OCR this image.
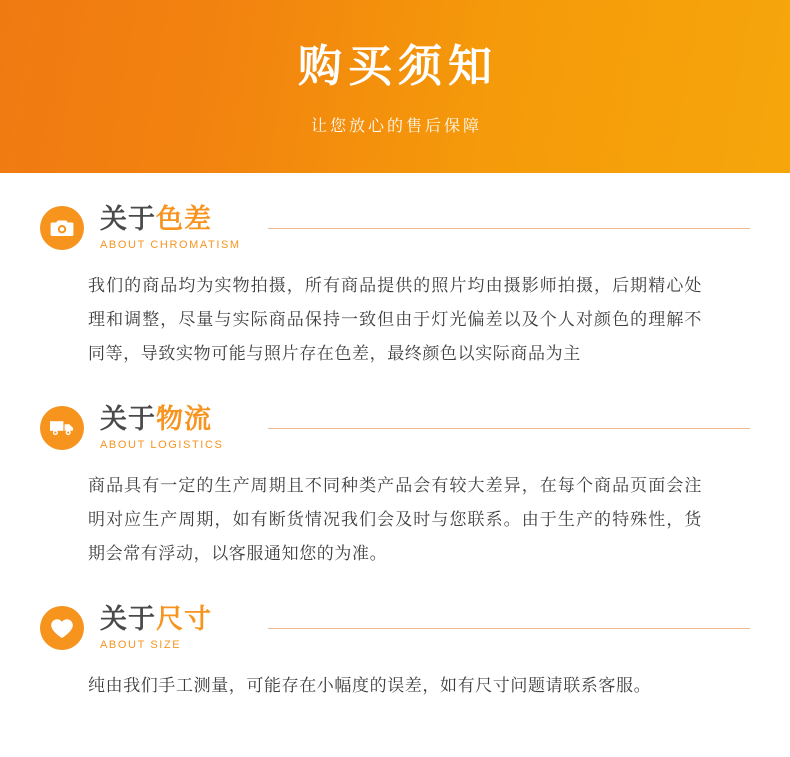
购买须知
让您放心的售后保障
关于色差
ABOUT CHROMATISM
我们的商品均为实物拍摄，所有商品提供的照片均由摄影师拍摄，后期精心处理和调整，尽量与实际商品保持一致但由于灯光偏差以及个人对颜色的理解不同等，导致实物可能与照片存在色差，最终颜色以实际商品为主
关于物流
ABOUT LOGISTICS
商品具有一定的生产周期且不同种类产品会有较大差异，在每个商品页面会注明对应生产周期，如有断货情况我们会及时与您联系。由于生产的特殊性，货期会常有浮动，以客服通知您的为准。
关于尺寸
ABOUT SIZE
纯由我们手工测量，可能存在小幅度的误差，如有尺寸问题请联系客服。
